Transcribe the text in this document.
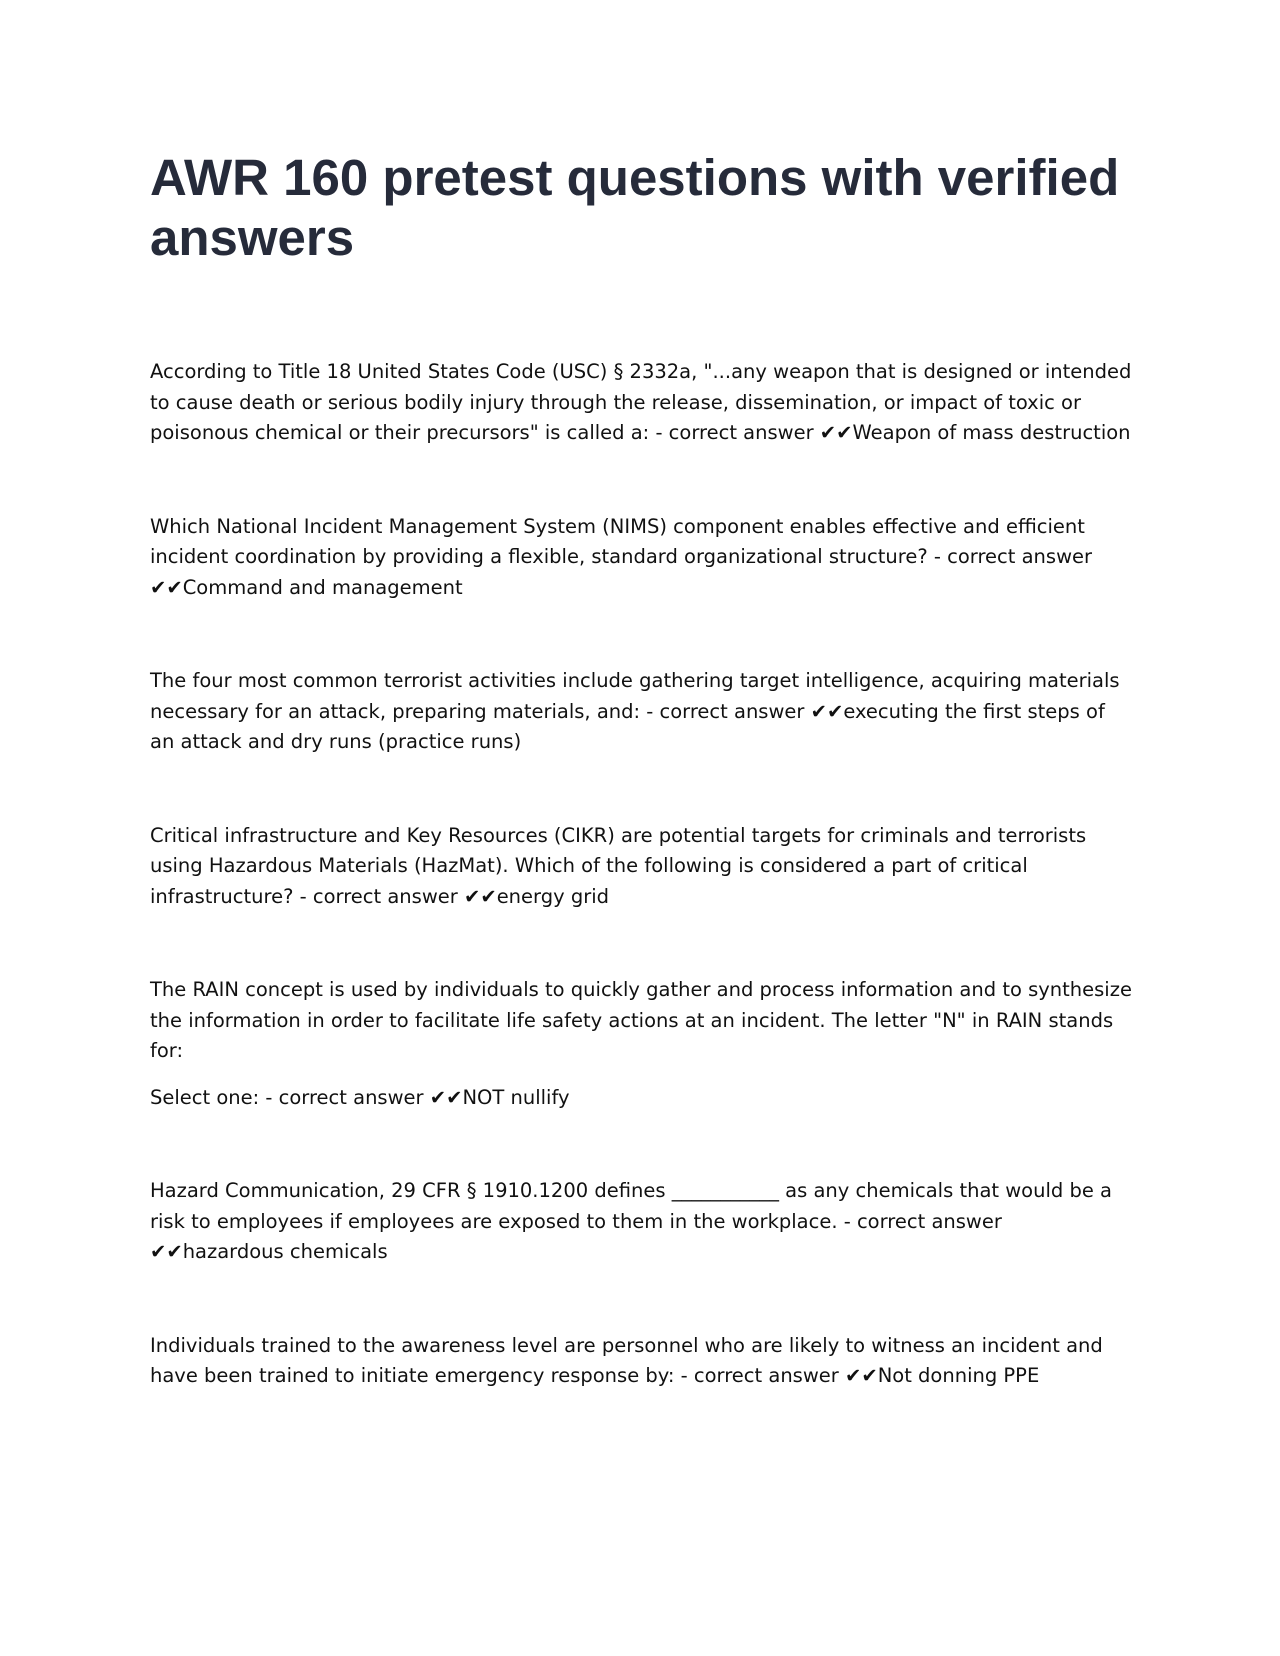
AWR 160 pretest questions with verified answers

According to Title 18 United States Code (USC) § 2332a, "...any weapon that is designed or intended to cause death or serious bodily injury through the release, dissemination, or impact of toxic or poisonous chemical or their precursors" is called a: - correct answer ✔✔Weapon of mass destruction

Which National Incident Management System (NIMS) component enables effective and efficient incident coordination by providing a flexible, standard organizational structure? - correct answer ✔✔Command and management

The four most common terrorist activities include gathering target intelligence, acquiring materials necessary for an attack, preparing materials, and: - correct answer ✔✔executing the first steps of an attack and dry runs (practice runs)

Critical infrastructure and Key Resources (CIKR) are potential targets for criminals and terrorists using Hazardous Materials (HazMat). Which of the following is considered a part of critical infrastructure? - correct answer ✔✔energy grid

The RAIN concept is used by individuals to quickly gather and process information and to synthesize the information in order to facilitate life safety actions at an incident. The letter "N" in RAIN stands for:

Select one: - correct answer ✔✔NOT nullify

Hazard Communication, 29 CFR § 1910.1200 defines ___________ as any chemicals that would be a risk to employees if employees are exposed to them in the workplace. - correct answer ✔✔hazardous chemicals

Individuals trained to the awareness level are personnel who are likely to witness an incident and have been trained to initiate emergency response by: - correct answer ✔✔Not donning PPE
